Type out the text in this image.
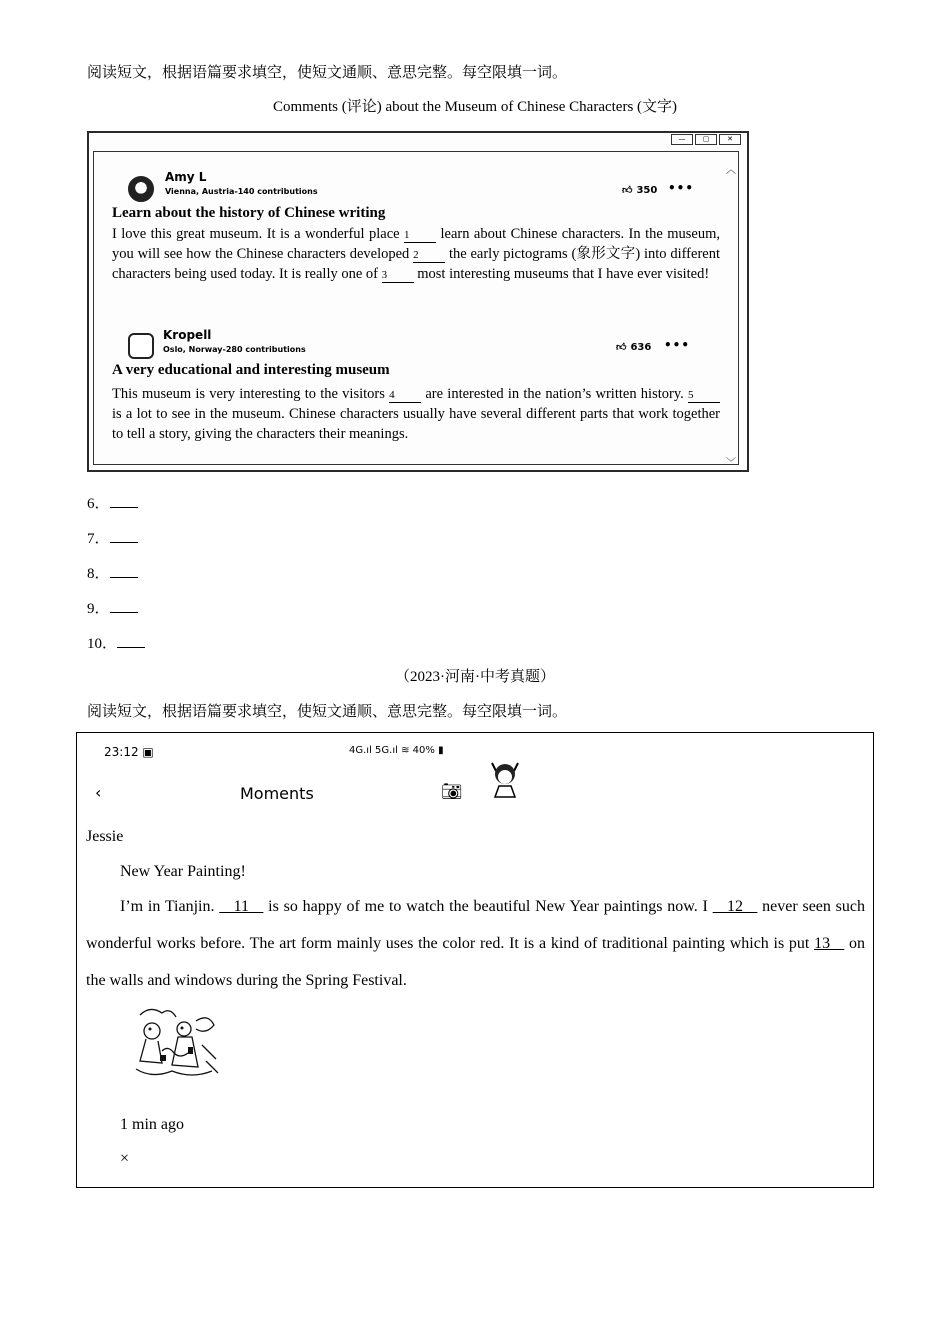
阅读短文，根据语篇要求填空，使短文通顺、意思完整。每空限填一词。
Comments (评论) about the Museum of Chinese Characters (文字)
—	▢	✕
︿
﹀
Amy L
Vienna, Austria-140 contributions	👍︎ 350 •••
Learn about the history of Chinese writing
I love this great museum. It is a wonderful place 1 learn about Chinese characters. In the museum, you will see how the Chinese characters developed 2 the early pictograms (象形文字) into different characters being used today. It is really one of 3 most interesting museums that I have ever visited!
Kropell
Oslo, Norway-280 contributions	👍︎ 636 •••
A very educational and interesting museum
This museum is very interesting to the visitors 4 are interested in the nation’s written history. 5 is a lot to see in the museum. Chinese characters usually have several different parts that work together to tell a story, giving the characters their meanings.
6．
7．
8．
9．
10．
（2023·河南·中考真题）
阅读短文，根据语篇要求填空，使短文通顺、意思完整。每空限填一词。
23:12 ▣	4G.ıl 5G.ıl ≋ 40% ▮
‹	Moments	📷︎
Jessie
New Year Painting!
I’m in Tianjin.    11    is so happy of me to watch the beautiful New Year paintings now. I    12    never seen such wonderful works before. The art form mainly uses the color red. It is a kind of traditional painting which is put 13    on the walls and windows during the Spring Festival.
1 min ago
×
